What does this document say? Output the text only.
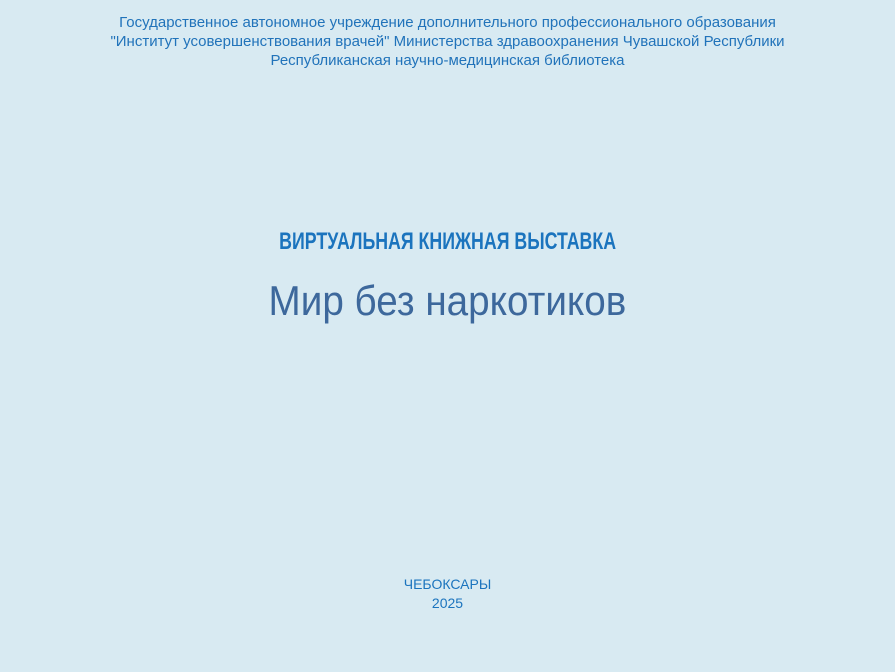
Государственное автономное учреждение дополнительного профессионального образования
"Институт усовершенствования врачей" Министерства здравоохранения Чувашской Республики
Республиканская научно-медицинская библиотека
ВИРТУАЛЬНАЯ КНИЖНАЯ ВЫСТАВКА
Мир без наркотиков
ЧЕБОКСАРЫ
2025
